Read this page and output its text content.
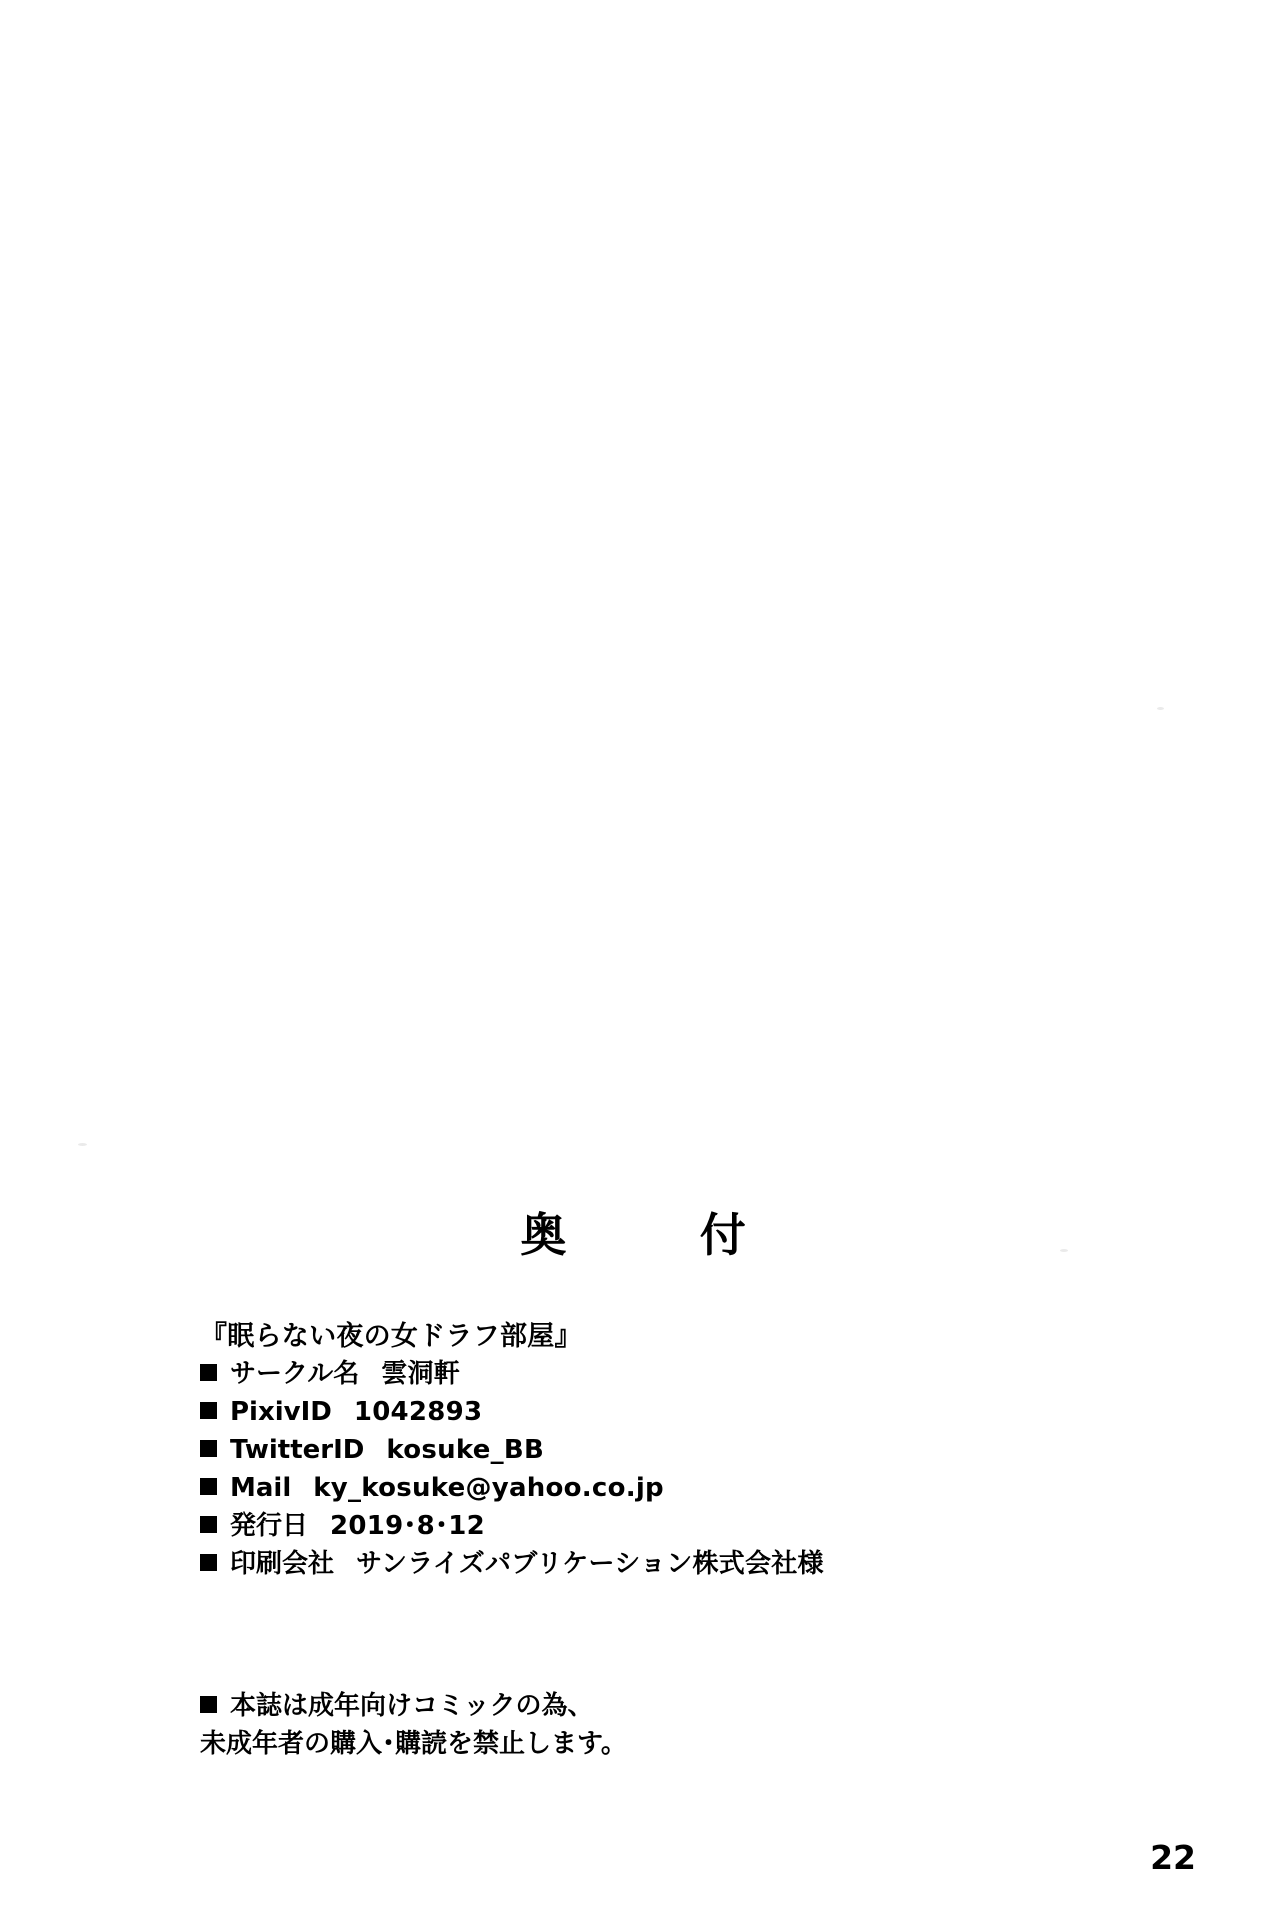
奥　　付
『眠らない夜の女ドラフ部屋』
サークル名 雲洞軒
PixivID 1042893
TwitterID kosuke_BB
Mail ky_kosuke@yahoo.co.jp
発行日 2019･8･12
印刷会社 サンライズパブリケーション株式会社様
本誌は成年向けコミックの為、
未成年者の購入･購読を禁止します。
22
